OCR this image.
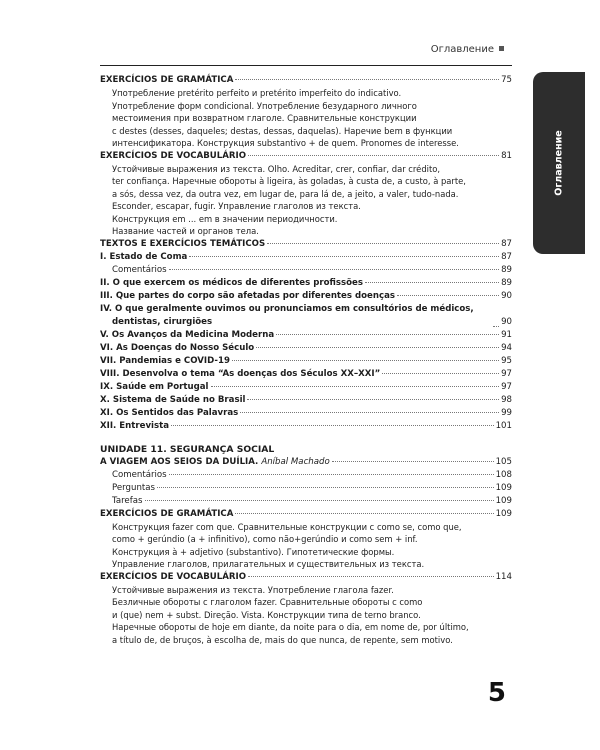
Оглавление
Оглавление
EXERCÍCIOS DE GRAMÁTICA	75
Употребление pretérito perfeito и pretérito imperfeito do indicativo.
Употребление форм condicional. Употребление безударного личного
местоимения при возвратном глаголе. Сравнительные конструкции
с destes (desses, daqueles; destas, dessas, daquelas). Наречие bem в функции
интенсификатора. Конструкция substantivo + de quem. Pronomes de interesse.
EXERCÍCIOS DE VOCABULÁRIO	81
Устойчивые выражения из текста. Olho. Acreditar, crer, confiar, dar crédito,
ter confiança. Наречные обороты à ligeira, às goladas, à custa de, a custo, à parte,
a sós, dessa vez, da outra vez, em lugar de, para lá de, a jeito, a valer, tudo-nada.
Esconder, escapar, fugir. Управление глаголов из текста.
Конструкция em ... em в значении периодичности.
Название частей и органов тела.
TEXTOS E EXERCÍCIOS TEMÁTICOS	87
I. Estado de Coma	87
Comentários	89
II. O que exercem os médicos de diferentes profissões	89
III. Que partes do corpo são afetadas por diferentes doenças	90
IV. O que geralmente ouvimos ou pronunciamos em consultórios de médicos, dentistas, cirurgiões	90
V. Os Avanços da Medicina Moderna	91
VI. As Doenças do Nosso Século	94
VII. Pandemias e COVID-19	95
VIII. Desenvolva o tema “As doenças dos Séculos XX–XXI”	97
IX. Saúde em Portugal	97
X. Sistema de Saúde no Brasil	98
XI. Os Sentidos das Palavras	99
XII. Entrevista	101
UNIDADE 11. SEGURANÇA SOCIAL
A VIAGEM AOS SEIOS DA DUÍLIA. Aníbal Machado	105
Comentários	108
Perguntas	109
Tarefas	109
EXERCÍCIOS DE GRAMÁTICA	109
Конструкция fazer com que. Сравнительные конструкции с como se, como que,
como + gerúndio (a + infinitivo), como não+gerúndio и como sem + inf.
Конструкция à + adjetivo (substantivo). Гипотетические формы.
Управление глаголов, прилагательных и существительных из текста.
EXERCÍCIOS DE VOCABULÁRIO	114
Устойчивые выражения из текста. Употребление глагола fazer.
Безличные обороты с глаголом fazer. Сравнительные обороты с como
и (que) nem + subst. Direção. Vista. Конструкции типа de terno branco.
Наречные обороты de hoje em diante, da noite para o dia, em nome de, por último,
a título de, de bruços, à escolha de, mais do que nunca, de repente, sem motivo.
5
